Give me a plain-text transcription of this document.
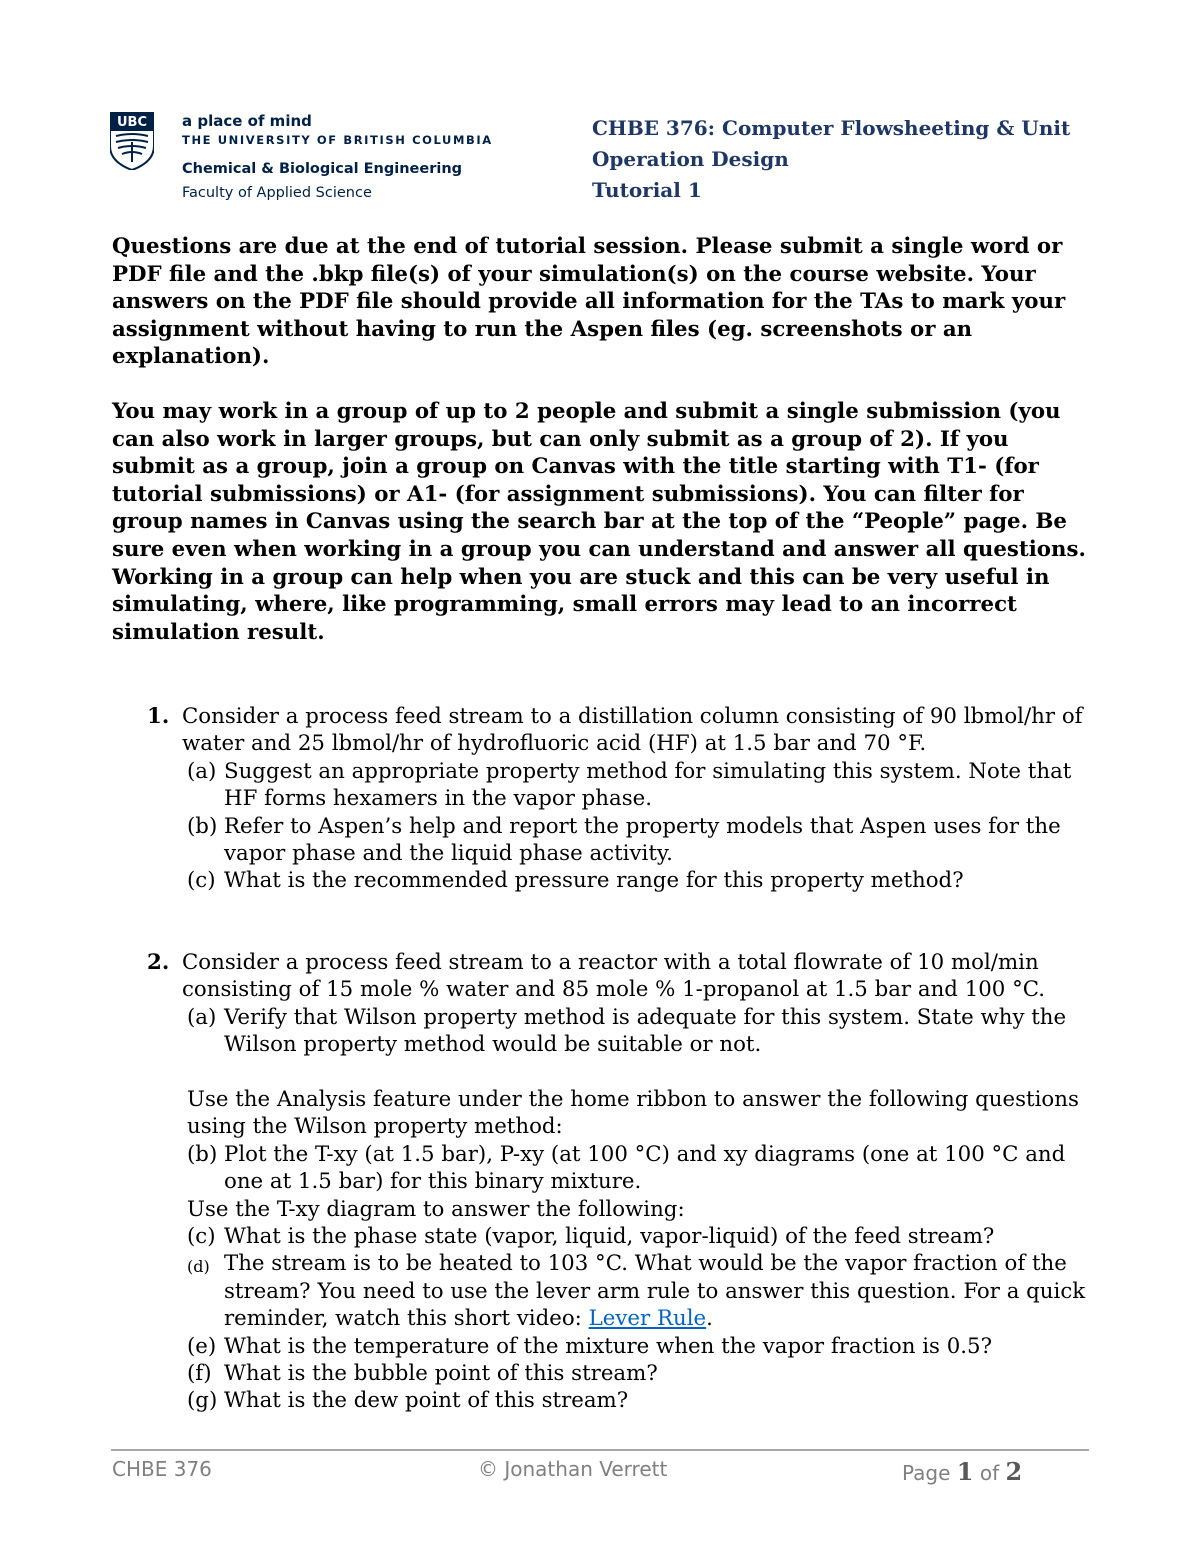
UBC a place of mind

THE UNIVERSITY OF BRITISH COLUMBIA

Chemical & Biological Engineering

Faculty of Applied Science

CHBE 376: Computer Flowsheeting & Unit
Operation Design
Tutorial 1

Questions are due at the end of tutorial session. Please submit a single word or PDF file and the .bkp file(s) of your simulation(s) on the course website. Your answers on the PDF file should provide all information for the TAs to mark your assignment without having to run the Aspen files (eg. screenshots or an explanation).

You may work in a group of up to 2 people and submit a single submission (you can also work in larger groups, but can only submit as a group of 2). If you submit as a group, join a group on Canvas with the title starting with T1- (for tutorial submissions) or A1- (for assignment submissions). You can filter for group names in Canvas using the search bar at the top of the “People” page. Be sure even when working in a group you can understand and answer all questions. Working in a group can help when you are stuck and this can be very useful in simulating, where, like programming, small errors may lead to an incorrect simulation result.

1. Consider a process feed stream to a distillation column consisting of 90 lbmol/hr of water and 25 lbmol/hr of hydrofluoric acid (HF) at 1.5 bar and 70 °F.
(a) Suggest an appropriate property method for simulating this system. Note that HF forms hexamers in the vapor phase.
(b) Refer to Aspen’s help and report the property models that Aspen uses for the vapor phase and the liquid phase activity.
(c) What is the recommended pressure range for this property method?
2. Consider a process feed stream to a reactor with a total flowrate of 10 mol/min consisting of 15 mole % water and 85 mole % 1-propanol at 1.5 bar and 100 °C.
(a) Verify that Wilson property method is adequate for this system. State why the Wilson property method would be suitable or not.
Use the Analysis feature under the home ribbon to answer the following questions using the Wilson property method:
(b) Plot the T-xy (at 1.5 bar), P-xy (at 100 °C) and xy diagrams (one at 100 °C and one at 1.5 bar) for this binary mixture.
Use the T-xy diagram to answer the following:
(c) What is the phase state (vapor, liquid, vapor-liquid) of the feed stream?
(d) The stream is to be heated to 103 °C. What would be the vapor fraction of the stream? You need to use the lever arm rule to answer this question. For a quick reminder, watch this short video: Lever Rule.
(e) What is the temperature of the mixture when the vapor fraction is 0.5?
(f) What is the bubble point of this stream?
(g) What is the dew point of this stream?
CHBE 376	© Jonathan Verrett	Page 1 of 2
